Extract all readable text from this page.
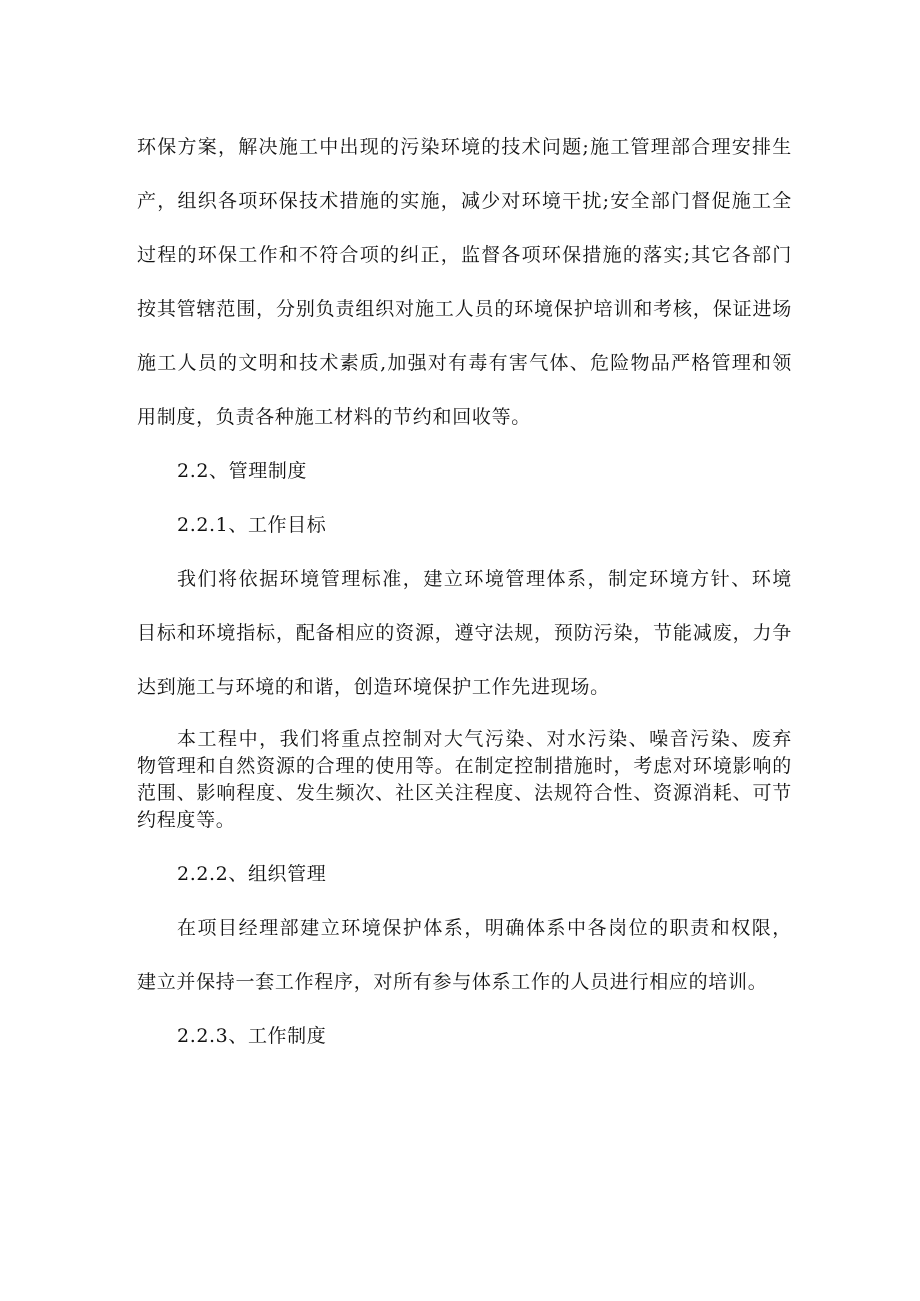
环保方案，解决施工中出现的污染环境的技术问题;施工管理部合理安排生
产，组织各项环保技术措施的实施，减少对环境干扰;安全部门督促施工全
过程的环保工作和不符合项的纠正，监督各项环保措施的落实;其它各部门
按其管辖范围，分别负责组织对施工人员的环境保护培训和考核，保证进场
施工人员的文明和技术素质,加强对有毒有害气体、危险物品严格管理和领
用制度，负责各种施工材料的节约和回收等。
2.2、管理制度
2.2.1、工作目标
我们将依据环境管理标准，建立环境管理体系，制定环境方针、环境
目标和环境指标，配备相应的资源，遵守法规，预防污染，节能减废，力争
达到施工与环境的和谐，创造环境保护工作先进现场。
本工程中，我们将重点控制对大气污染、对水污染、噪音污染、废弃
物管理和自然资源的合理的使用等。在制定控制措施时，考虑对环境影响的
范围、影响程度、发生频次、社区关注程度、法规符合性、资源消耗、可节
约程度等。
2.2.2、组织管理
在项目经理部建立环境保护体系，明确体系中各岗位的职责和权限，
建立并保持一套工作程序，对所有参与体系工作的人员进行相应的培训。
2.2.3、工作制度
